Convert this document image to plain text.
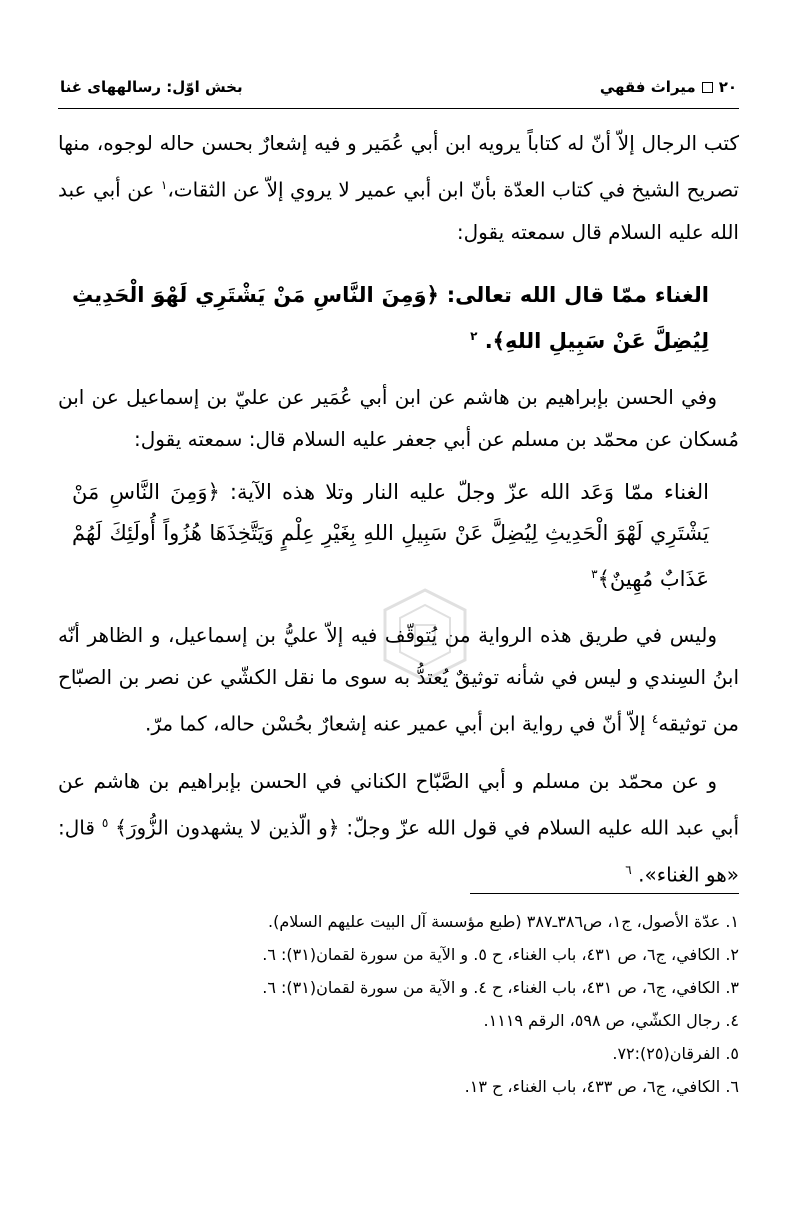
بخش اوّل: رسالههای غنا	٢٠
ميراث فقهي

كتب الرجال إلاّ أنّ له كتاباً يرويه ابن أبي عُمَير و فيه إشعارٌ بحسن حاله لوجوه، منها تصريح الشيخ في كتاب العدّة بأنّ ابن أبي عمير لا يروي إلاّ عن الثقات،$^١$ عن أبي عبد الله عليه السلام قال سمعته يقول:

الغناء ممّا قال الله تعالى: ﴿وَمِنَ النَّاسِ مَنْ يَشْتَرِي لَهْوَ الْحَدِيثِ لِيُضِلَّ عَنْ سَبِيلِ اللهِ﴾. $^٢$

وفي الحسن بإبراهيم بن هاشم عن ابن أبي عُمَير عن عليّ بن إسماعيل عن ابن مُسكان عن محمّد بن مسلم عن أبي جعفر عليه السلام قال: سمعته يقول:

الغناء ممّا وَعَد الله عزّ وجلّ عليه النار وتلا هذه الآية: ﴿وَمِنَ النَّاسِ مَنْ يَشْتَرِي لَهْوَ الْحَدِيثِ لِيُضِلَّ عَنْ سَبِيلِ اللهِ بِغَيْرِ عِلْمٍ وَيَتَّخِذَهَا هُزُواً أُولَئِكَ لَهُمْ عَذَابٌ مُهِينٌ﴾$^٣$

وليس في طريق هذه الرواية من يُتوقّف فيه إلاّ عليُّ بن إسماعيل، و الظاهر أنّه ابنُ السِندي و ليس في شأنه توثيقٌ يُعتدُّ به سوى ما نقل الكشّي عن نصر بن الصبّاح من توثيقه$^٤$ إلاّ أنّ في رواية ابن أبي عمير عنه إشعارٌ بحُسْن حاله، كما مرّ.

و عن محمّد بن مسلم و أبي الصَّبّاح الكناني في الحسن بإبراهيم بن هاشم عن أبي عبد الله عليه السلام في قول الله عزّ وجلّ: ﴿و الّذين لا يشهدون الزُّورَ﴾ $^٥$ قال: «هو الغناء». $^٦$

١. عدّة الأصول، ج١، ص٣٨٦ـ٣٨٧ (طبع مؤسسة آل البيت عليهم السلام).

٢. الكافي، ج٦، ص ٤٣١، باب الغناء، ح ٥. و الآية من سورة لقمان(٣١): ٦.

٣. الكافي، ج٦، ص ٤٣١، باب الغناء، ح ٤. و الآية من سورة لقمان(٣١): ٦.

٤. رجال الكشّي، ص ٥٩٨، الرقم ١١١٩.

٥. الفرقان(٢٥):٧٢.

٦. الكافي، ج٦، ص ٤٣٣، باب الغناء، ح ١٣.
